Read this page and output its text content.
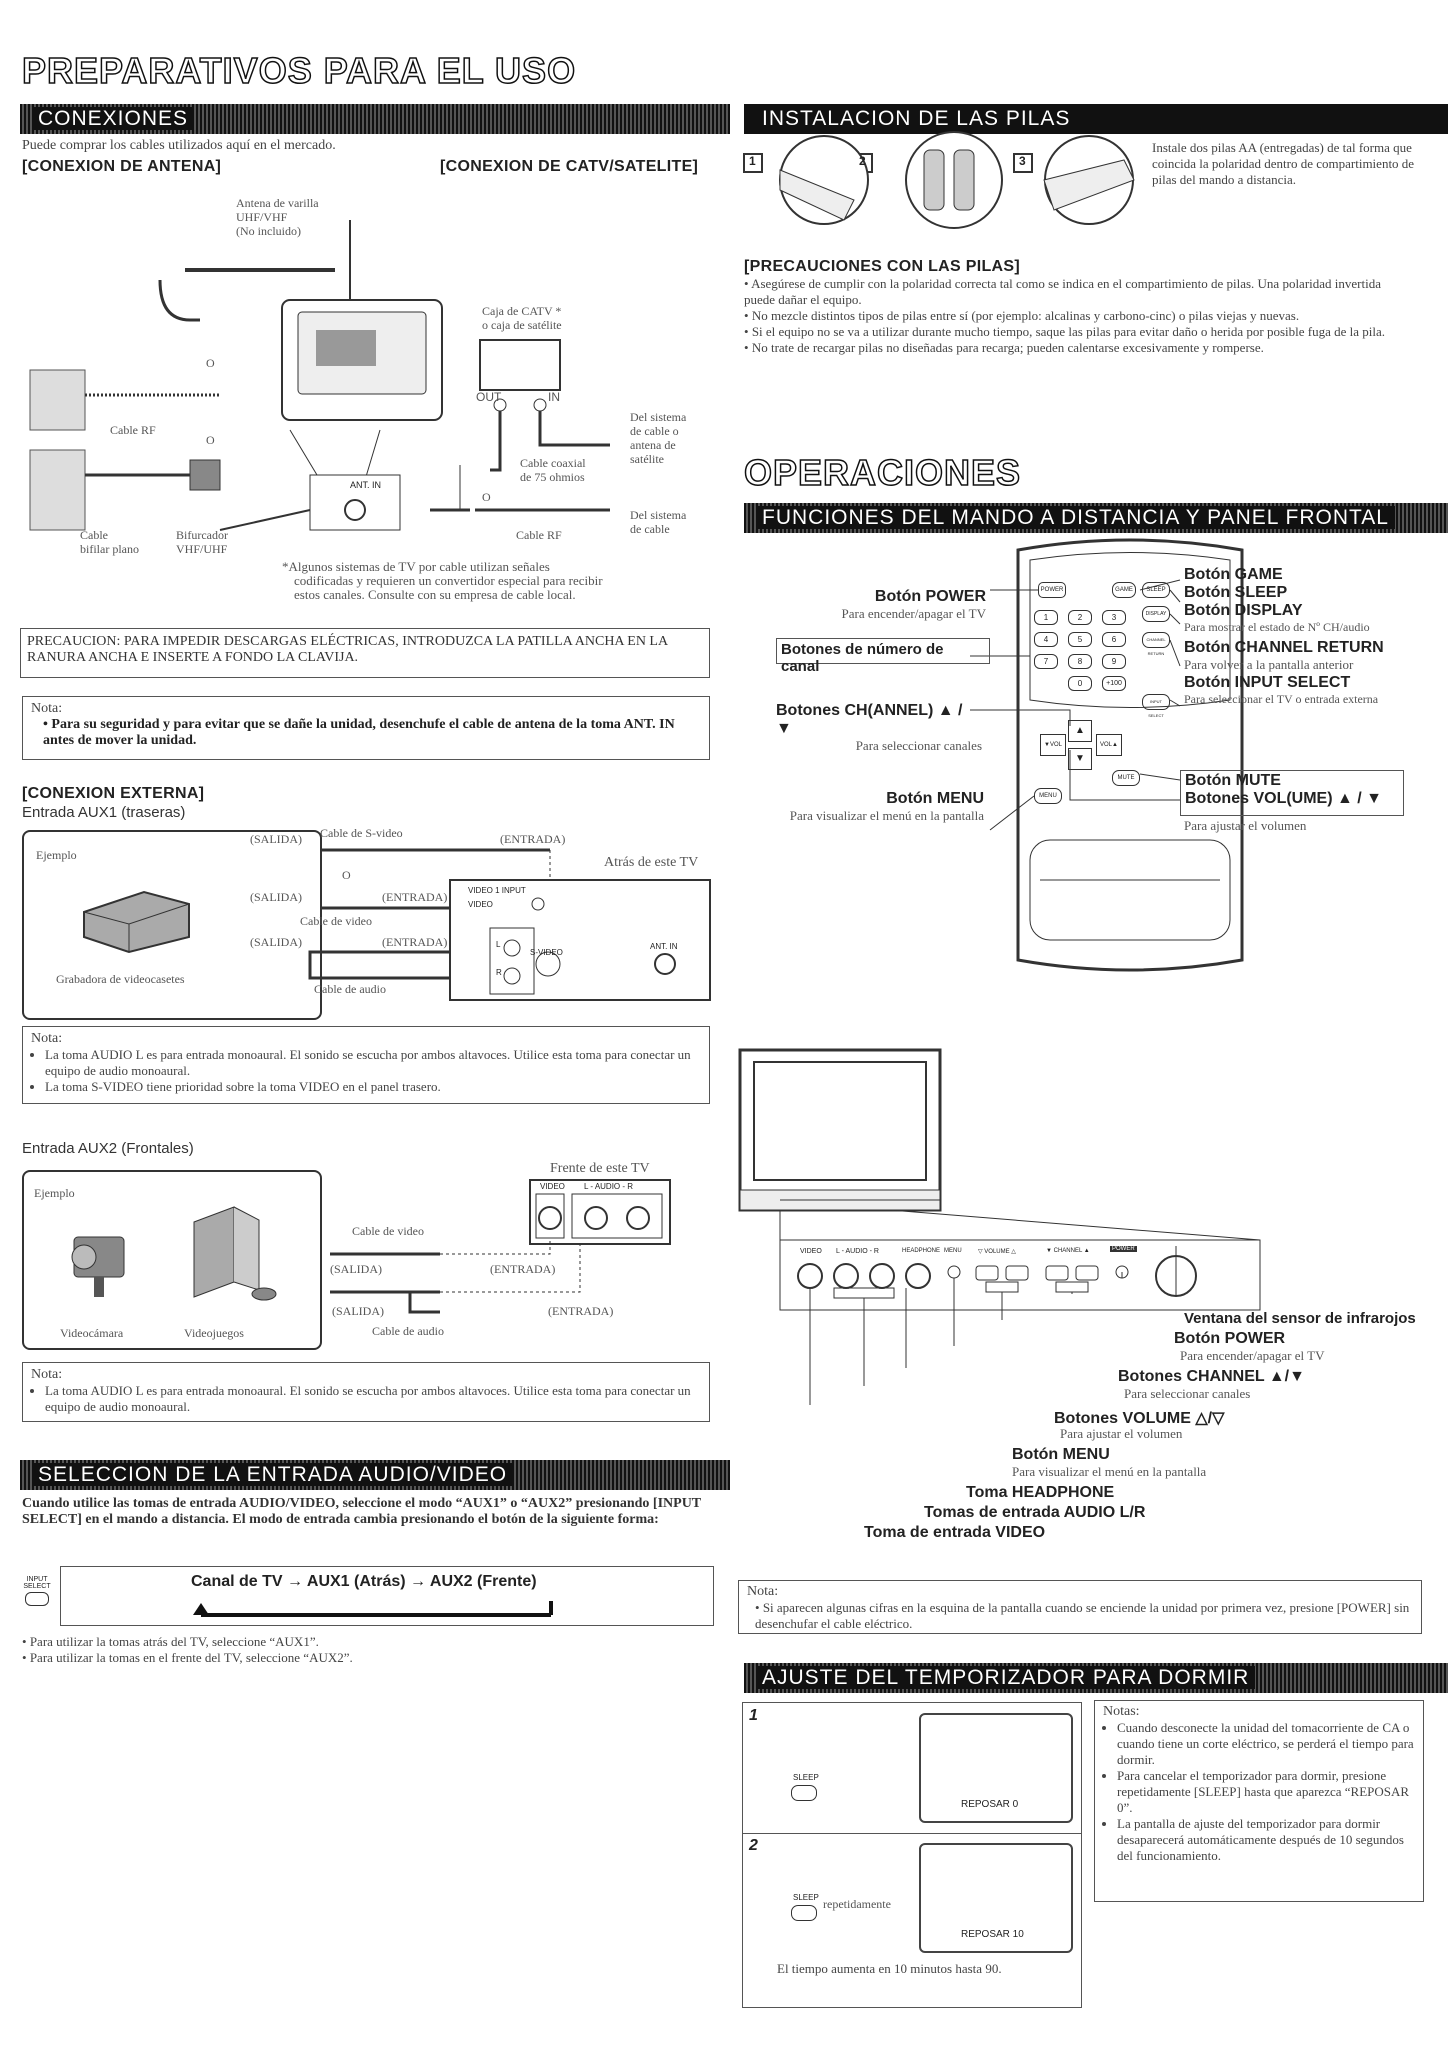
PREPARATIVOS PARA EL USO
CONEXIONES
Puede comprar los cables utilizados aquí en el mercado.
[CONEXION DE ANTENA]	[CONEXION DE CATV/SATELITE]
Antena de varilla
UHF/VHF
(No incluido)
O
Cable RF
O
Cable
bifilar plano
Bifurcador
VHF/UHF
Caja de CATV *
o caja de satélite
OUT	IN
ANT. IN
Del sistema
de cable o
antena de
satélite
Cable coaxial
de 75 ohmios
O
Del sistema
de cable
Cable RF
*Algunos sistemas de TV por cable utilizan señales
codificadas y requieren un convertidor especial para recibir
estos canales. Consulte con su empresa de cable local.
PRECAUCION: PARA IMPEDIR DESCARGAS ELÉCTRICAS, INTRODUZCA LA PATILLA ANCHA EN LA RANURA ANCHA E INSERTE A FONDO LA CLAVIJA.
Nota:
• Para su seguridad y para evitar que se dañe la unidad, desenchufe el cable de antena de la toma ANT. IN antes de mover la unidad.
[CONEXION EXTERNA]
Entrada AUX1 (traseras)
Ejemplo
Grabadora de videocasetes
(SALIDA) Cable de S-video	(ENTRADA)
O
Atrás de este TV
(SALIDA)	(ENTRADA)
Cable de video
(SALIDA)	(ENTRADA)
Cable de audio
VIDEO 1 INPUT
VIDEO
L
R
S-VIDEO
ANT. IN
Nota:
• La toma AUDIO L es para entrada monoaural. El sonido se escucha por ambos altavoces. Utilice esta toma para conectar un equipo de audio monoaural.
• La toma S-VIDEO tiene prioridad sobre la toma VIDEO en el panel trasero.
Entrada AUX2 (Frontales)
Ejemplo
Videocámara	Videojuegos
Frente de este TV
VIDEO L - AUDIO - R
Cable de video
(SALIDA)	(ENTRADA)
(SALIDA)	(ENTRADA)
Cable de audio
Nota:
• La toma AUDIO L es para entrada monoaural. El sonido se escucha por ambos altavoces. Utilice esta toma para conectar un equipo de audio monoaural.
SELECCION DE LA ENTRADA AUDIO/VIDEO
Cuando utilice las tomas de entrada AUDIO/VIDEO, seleccione el modo “AUX1” o “AUX2” presionando [INPUT SELECT] en el mando a distancia. El modo de entrada cambia presionando el botón de la siguiente forma:
INPUT SELECT	Canal de TV → AUX1 (Atrás) → AUX2 (Frente)
• Para utilizar la tomas atrás del TV, seleccione “AUX1”.
• Para utilizar la tomas en el frente del TV, seleccione “AUX2”.
INSTALACION DE LAS PILAS
1	2	3
Instale dos pilas AA (entregadas) de tal forma que coincida la polaridad dentro de compartimiento de pilas del mando a distancia.
[PRECAUCIONES CON LAS PILAS]
• Asegúrese de cumplir con la polaridad correcta tal como se indica en el compartimiento de pilas. Una polaridad invertida puede dañar el equipo.
• No mezcle distintos tipos de pilas entre sí (por ejemplo: alcalinas y carbono-cinc) o pilas viejas y nuevas.
• Si el equipo no se va a utilizar durante mucho tiempo, saque las pilas para evitar daño o herida por posible fuga de la pila.
• No trate de recargar pilas no diseñadas para recarga; pueden calentarse excesivamente y romperse.
OPERACIONES
FUNCIONES DEL MANDO A DISTANCIA Y PANEL FRONTAL
POWER	GAME	SLEEP
DISPLAY
1	2	3
4	5	6	CHANNEL RETURN
7	8	9
0	+100
INPUT SELECT
▲
▼
▼VOL	VOL▲
MENU
MUTE
Botón POWER
Para encender/apagar el TV
Botones de número de canal
Botones CH(ANNEL) ▲ / ▼
Para seleccionar canales
Botón MENU
Para visualizar el menú en la pantalla
Botón GAME
Botón SLEEP
Botón DISPLAY
Para mostrar el estado de Nº CH/audio
Botón CHANNEL RETURN
Para volver a la pantalla anterior
Botón INPUT SELECT
Para seleccionar el TV o entrada externa
Botón MUTE
Botones VOL(UME) ▲ / ▼
Para ajustar el volumen
VIDEO L - AUDIO - R	HEADPHONE MENU	▽ VOLUME △	▼ CHANNEL ▲	POWER
Ventana del sensor de infrarojos
Botón POWER
Para encender/apagar el TV
Botones CHANNEL ▲/▼
Para seleccionar canales
Botones VOLUME △/▽
Para ajustar el volumen
Botón MENU
Para visualizar el menú en la pantalla
Toma HEADPHONE
Tomas de entrada AUDIO L/R
Toma de entrada VIDEO
Nota:
• Si aparecen algunas cifras en la esquina de la pantalla cuando se enciende la unidad por primera vez, presione [POWER] sin desenchufar el cable eléctrico.
AJUSTE DEL TEMPORIZADOR PARA DORMIR
1
SLEEP
REPOSAR 0
2
SLEEP repetidamente
REPOSAR 10
El tiempo aumenta en 10 minutos hasta 90.
Notas:
• Cuando desconecte la unidad del tomacorriente de CA o cuando tiene un corte eléctrico, se perderá el tiempo para dormir.
• Para cancelar el temporizador para dormir, presione repetidamente [SLEEP] hasta que aparezca “REPOSAR 0”.
• La pantalla de ajuste del temporizador para dormir desaparecerá automáticamente después de 10 segundos del funcionamiento.
